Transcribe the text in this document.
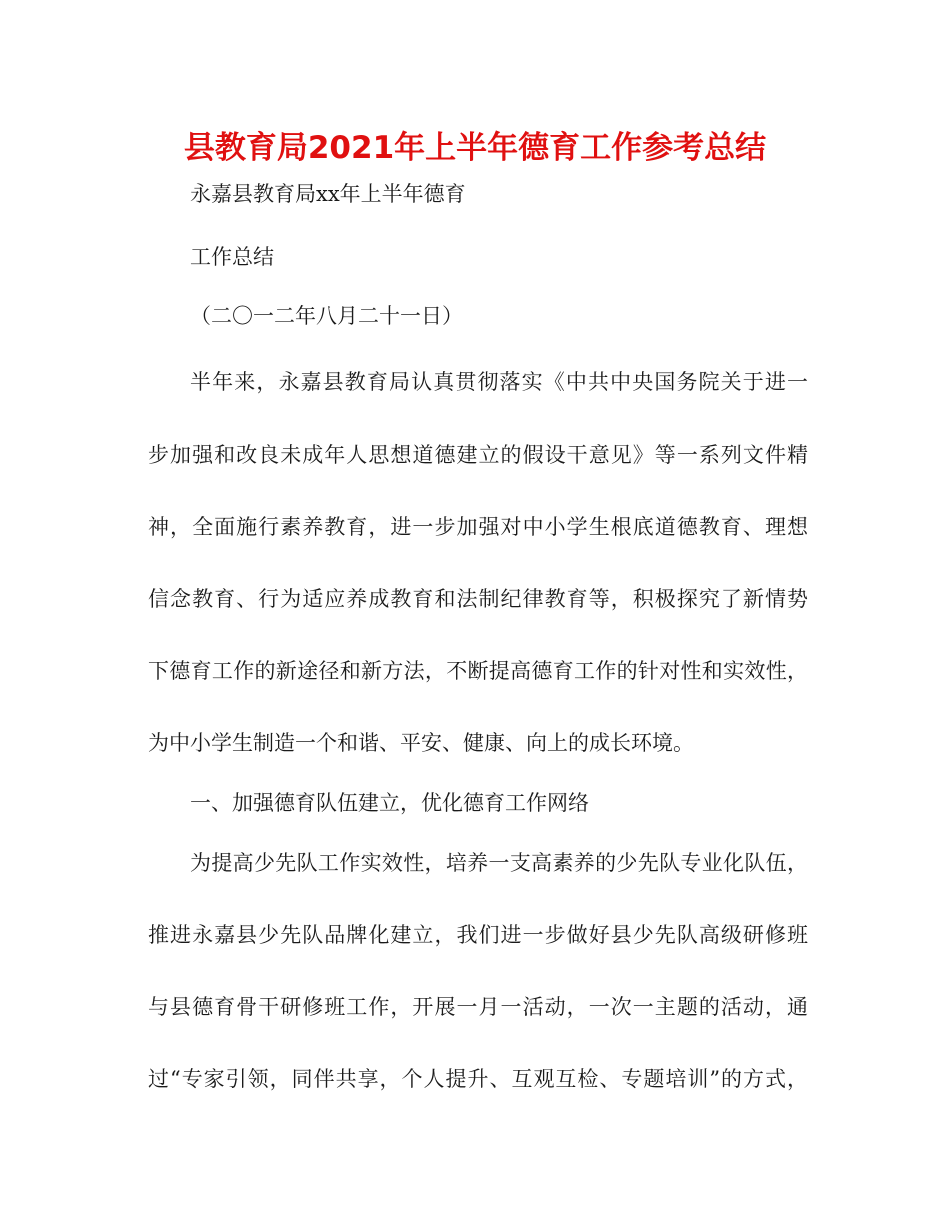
县教育局2021年上半年德育工作参考总结
永嘉县教育局xx年上半年德育
工作总结
（二〇一二年八月二十一日）
半年来，永嘉县教育局认真贯彻落实《中共中央国务院关于进一
步加强和改良未成年人思想道德建立的假设干意见》等一系列文件精
神，全面施行素养教育，进一步加强对中小学生根底道德教育、理想
信念教育、行为适应养成教育和法制纪律教育等，积极探究了新情势
下德育工作的新途径和新方法，不断提高德育工作的针对性和实效性，
为中小学生制造一个和谐、平安、健康、向上的成长环境。
一、加强德育队伍建立，优化德育工作网络
为提高少先队工作实效性，培养一支高素养的少先队专业化队伍，
推进永嘉县少先队品牌化建立，我们进一步做好县少先队高级研修班
与县德育骨干研修班工作，开展一月一活动，一次一主题的活动，通
过“专家引领，同伴共享，个人提升、互观互检、专题培训”的方式，
